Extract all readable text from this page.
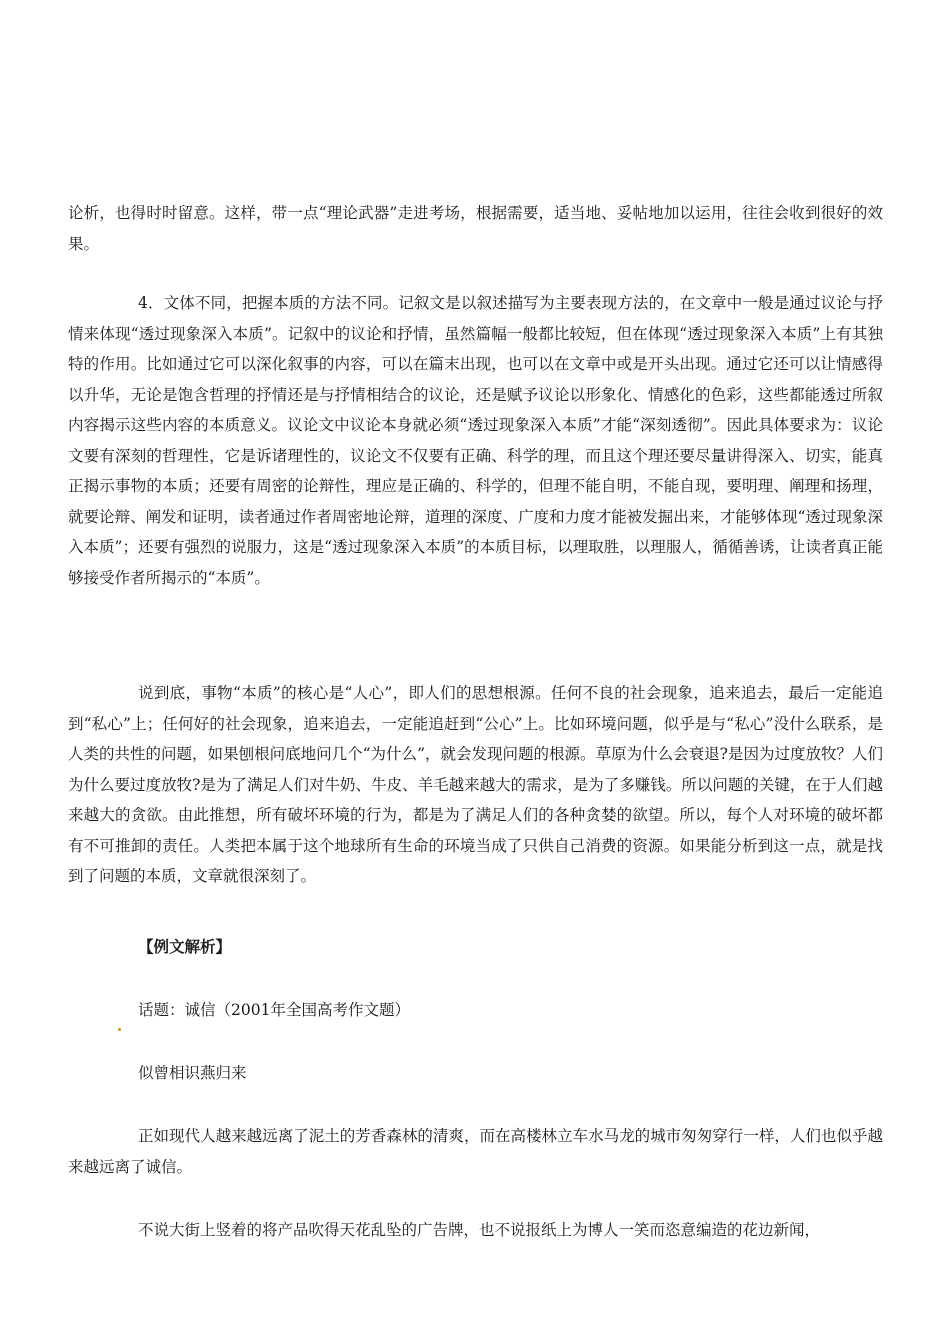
论析，也得时时留意。这样，带一点“理论武器”走进考场，根据需要，适当地、妥帖地加以运用，往往会收到很好的效果。

4．文体不同，把握本质的方法不同。记叙文是以叙述描写为主要表现方法的，在文章中一般是通过议论与抒情来体现“透过现象深入本质”。记叙中的议论和抒情，虽然篇幅一般都比较短，但在体现“透过现象深入本质”上有其独特的作用。比如通过它可以深化叙事的内容，可以在篇末出现，也可以在文章中或是开头出现。通过它还可以让情感得以升华，无论是饱含哲理的抒情还是与抒情相结合的议论，还是赋予议论以形象化、情感化的色彩，这些都能透过所叙内容揭示这些内容的本质意义。议论文中议论本身就必须“透过现象深入本质”才能“深刻透彻”。因此具体要求为：议论文要有深刻的哲理性，它是诉诸理性的，议论文不仅要有正确、科学的理，而且这个理还要尽量讲得深入、切实，能真正揭示事物的本质；还要有周密的论辩性，理应是正确的、科学的，但理不能自明，不能自现，要明理、阐理和扬理，就要论辩、阐发和证明，读者通过作者周密地论辩，道理的深度、广度和力度才能被发掘出来，才能够体现“透过现象深入本质”；还要有强烈的说服力，这是“透过现象深入本质”的本质目标，以理取胜，以理服人，循循善诱，让读者真正能够接受作者所揭示的“本质”。

说到底，事物“本质”的核心是“人心”，即人们的思想根源。任何不良的社会现象，追来追去，最后一定能追到“私心”上；任何好的社会现象，追来追去，一定能追赶到“公心”上。比如环境问题，似乎是与“私心”没什么联系，是人类的共性的问题，如果刨根问底地问几个“为什么”，就会发现问题的根源。草原为什么会衰退?是因为过度放牧？人们为什么要过度放牧?是为了满足人们对牛奶、牛皮、羊毛越来越大的需求，是为了多赚钱。所以问题的关键，在于人们越来越大的贪欲。由此推想，所有破坏环境的行为，都是为了满足人们的各种贪婪的欲望。所以，每个人对环境的破坏都有不可推卸的责任。人类把本属于这个地球所有生命的环境当成了只供自己消费的资源。如果能分析到这一点，就是找到了问题的本质，文章就很深刻了。

【例文解析】

话题：诚信（2001年全国高考作文题）

似曾相识燕归来

正如现代人越来越远离了泥土的芳香森林的清爽，而在高楼林立车水马龙的城市匆匆穿行一样，人们也似乎越来越远离了诚信。

不说大街上竖着的将产品吹得天花乱坠的广告牌，也不说报纸上为博人一笑而恣意编造的花边新闻，
